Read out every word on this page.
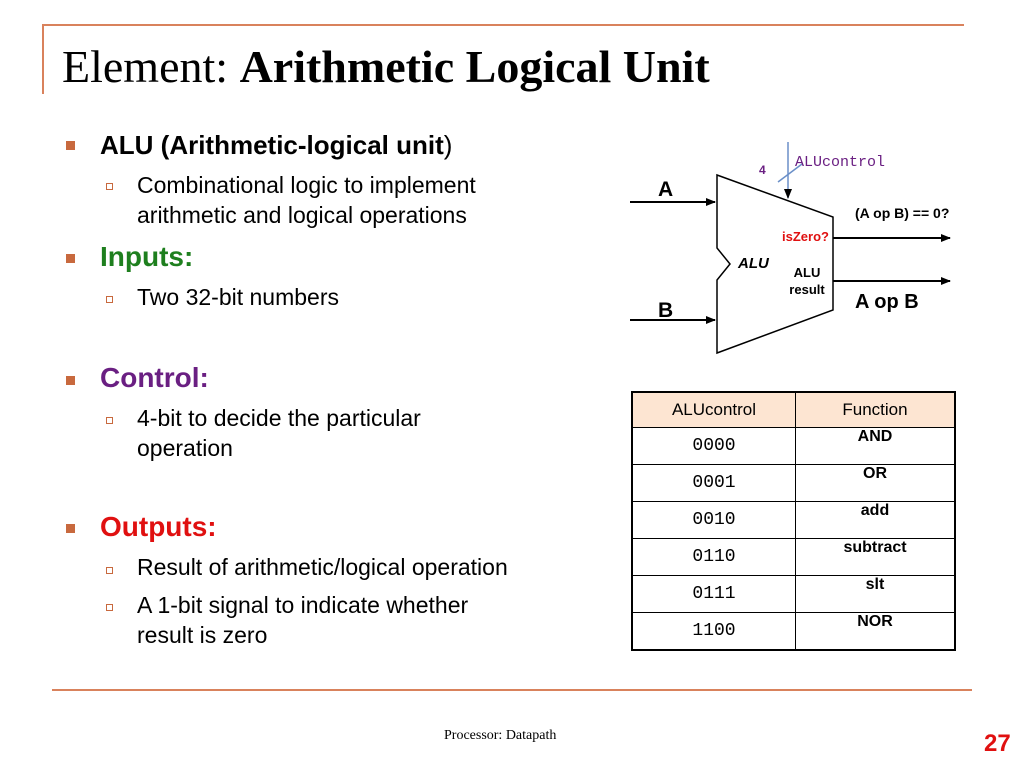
Element: Arithmetic Logical Unit
ALU (Arithmetic-logical unit)
Combinational logic to implement
arithmetic and logical operations
Inputs:
Two 32-bit numbers
Control:
4-bit to decide the particular
operation
Outputs:
Result of arithmetic/logical operation
A 1-bit signal to indicate whether
result is zero
A
B
4 ALUcontrol
ALU
isZero?
(A op B) == 0?
ALU
result
A op B
ALUcontrol	Function
0000	AND
0001	OR
0010	add
0110	subtract
0111	slt
1100	NOR
Processor: Datapath	27
